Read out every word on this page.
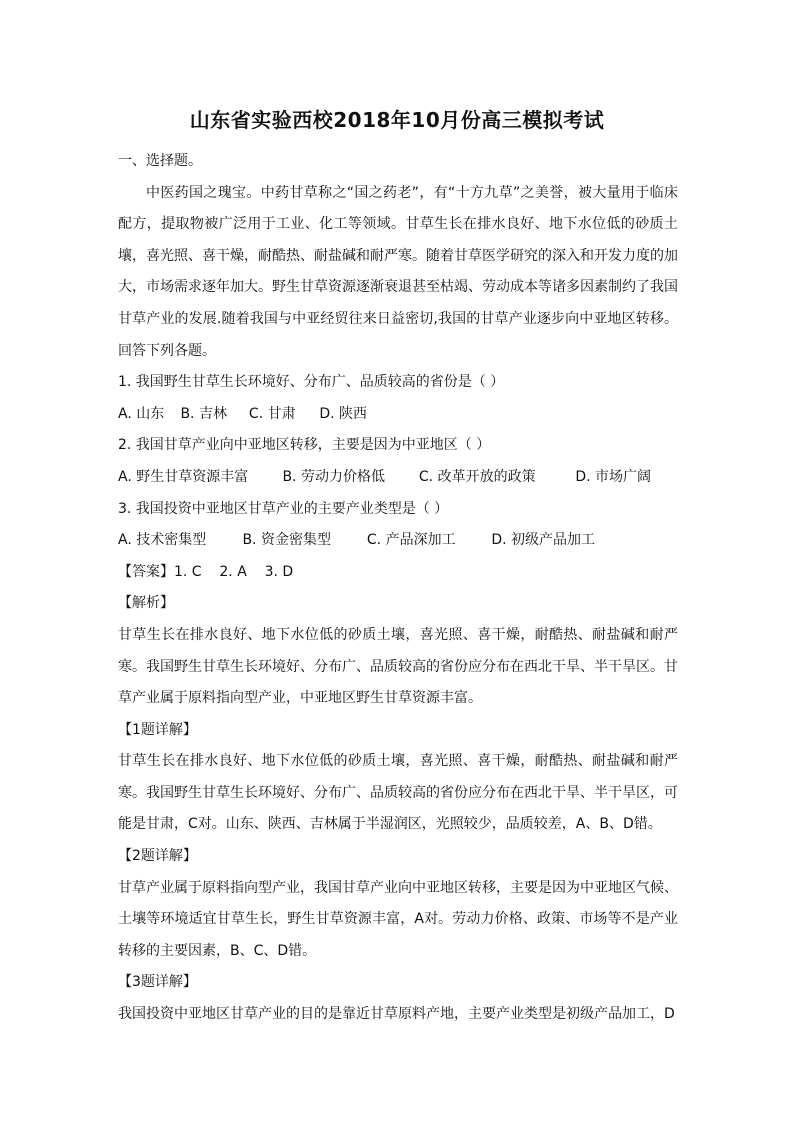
山东省实验西校2018年10月份高三模拟考试
一、选择题。

中医药国之瑰宝。中药甘草称之“国之药老”，有“十方九草”之美誉，被大量用于临床配方，提取物被广泛用于工业、化工等领域。甘草生长在排水良好、地下水位低的砂质土壤，喜光照、喜干燥，耐酷热、耐盐碱和耐严寒。随着甘草医学研究的深入和开发力度的加大，市场需求逐年加大。野生甘草资源逐渐衰退甚至枯竭、劳动成本等诸多因素制约了我国甘草产业的发展.随着我国与中亚经贸往来日益密切,我国的甘草产业逐步向中亚地区转移。回答下列各题。

1. 我国野生甘草生长环境好、分布广、品质较高的省份是（ ）
A. 山东 B. 吉林 C. 甘肃 D. 陕西
2. 我国甘草产业向中亚地区转移，主要是因为中亚地区（ ）
A. 野生甘草资源丰富 B. 劳动力价格低 C. 改革开放的政策	D. 市场广阔
3. 我国投资中亚地区甘草产业的主要产业类型是（ ）
A. 技术密集型	B. 资金密集型	C. 产品深加工	D. 初级产品加工
【答案】1. C    2. A    3. D
【解析】

甘草生长在排水良好、地下水位低的砂质土壤，喜光照、喜干燥，耐酷热、耐盐碱和耐严寒。我国野生甘草生长环境好、分布广、品质较高的省份应分布在西北干旱、半干旱区。甘草产业属于原料指向型产业，中亚地区野生甘草资源丰富。

【1题详解】

甘草生长在排水良好、地下水位低的砂质土壤，喜光照、喜干燥，耐酷热、耐盐碱和耐严寒。我国野生甘草生长环境好、分布广、品质较高的省份应分布在西北干旱、半干旱区，可能是甘肃，C对。山东、陕西、吉林属于半湿润区，光照较少，品质较差，A、B、D错。

【2题详解】

甘草产业属于原料指向型产业，我国甘草产业向中亚地区转移，主要是因为中亚地区气候、土壤等环境适宜甘草生长，野生甘草资源丰富，A对。劳动力价格、政策、市场等不是产业转移的主要因素，B、C、D错。

【3题详解】

我国投资中亚地区甘草产业的目的是靠近甘草原料产地，主要产业类型是初级产品加工，D
